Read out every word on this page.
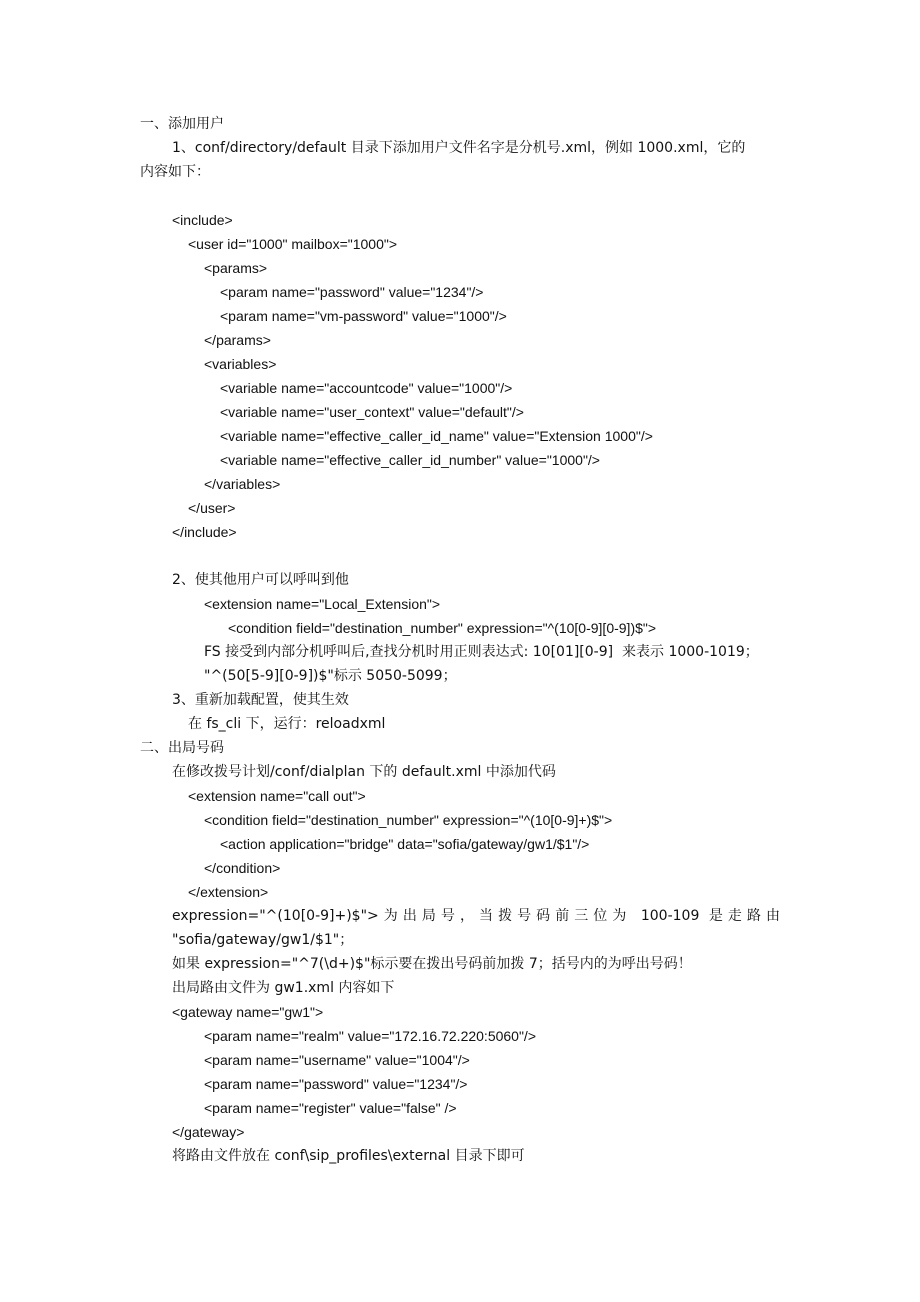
一、添加用户
1、conf/directory/default 目录下添加用户文件名字是分机号.xml，例如 1000.xml，它的
内容如下：
<include>
<user id="1000" mailbox="1000">
<params>
<param name="password" value="1234"/>
<param name="vm-password" value="1000"/>
</params>
<variables>
<variable name="accountcode" value="1000"/>
<variable name="user_context" value="default"/>
<variable name="effective_caller_id_name" value="Extension 1000"/>
<variable name="effective_caller_id_number" value="1000"/>
</variables>
</user>
</include>
2、使其他用户可以呼叫到他
<extension name="Local_Extension">
<condition field="destination_number" expression="^(10[0-9][0-9])$">
FS 接受到内部分机呼叫后,查找分机时用正则表达式: 10[01][0-9]  来表示 1000-1019；
"^(50[5-9][0-9])$"标示 5050-5099；
3、重新加载配置，使其生效
在 fs_cli 下，运行：reloadxml
二、出局号码
在修改拨号计划/conf/dialplan 下的 default.xml 中添加代码
<extension name="call out">
<condition field="destination_number" expression="^(10[0-9]+)$">
<action application="bridge" data="sofia/gateway/gw1/$1"/>
</condition>
</extension>
expression="^(10[0-9]+)$">为出局号，当拨号码前三位为 100-109 是走路由
"sofia/gateway/gw1/$1"；
如果 expression="^7(\d+)$"标示要在拨出号码前加拨 7；括号内的为呼出号码！
出局路由文件为 gw1.xml 内容如下
<gateway name="gw1">
<param name="realm" value="172.16.72.220:5060"/>
<param name="username" value="1004"/>
<param name="password" value="1234"/>
<param name="register" value="false" />
</gateway>
将路由文件放在 conf\sip_profiles\external 目录下即可
